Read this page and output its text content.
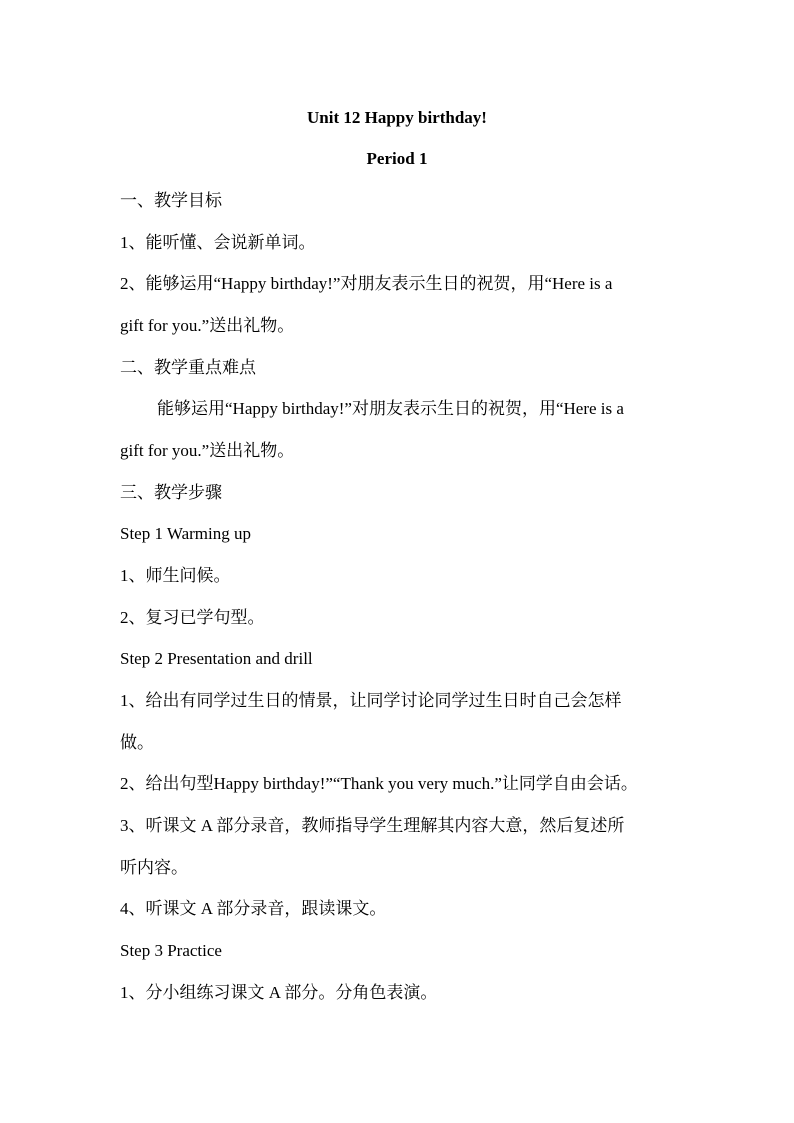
Unit 12 Happy birthday!
Period 1
一、教学目标
1、能听懂、会说新单词。
2、能够运用“Happy birthday!”对朋友表示生日的祝贺，用“Here is a
gift for you.”送出礼物。
二、教学重点难点
能够运用“Happy birthday!”对朋友表示生日的祝贺，用“Here is a
gift for you.”送出礼物。
三、教学步骤
Step 1 Warming up
1、师生问候。
2、复习已学句型。
Step 2 Presentation and drill
1、给出有同学过生日的情景，让同学讨论同学过生日时自己会怎样
做。
2、给出句型Happy birthday!”“Thank you very much.”让同学自由会话。
3、听课文 A 部分录音，教师指导学生理解其内容大意，然后复述所
听内容。
4、听课文 A 部分录音，跟读课文。
Step 3 Practice
1、分小组练习课文 A 部分。分角色表演。
